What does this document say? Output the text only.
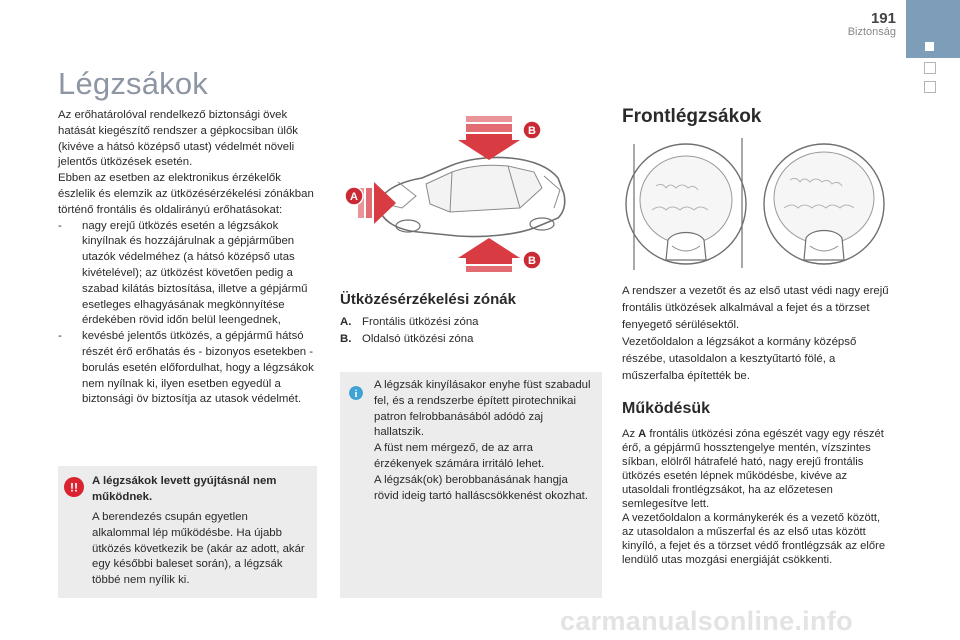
191
Biztonság
Légzsákok

Az erőhatárolóval rendelkező biztonsági övek hatását kiegészítő rendszer a gépkocsiban ülők (kivéve a hátsó középső utast) védelmét növeli jelentős ütközések esetén.

Ebben az esetben az elektronikus érzékelők észlelik és elemzik az ütközésérzékelési zónákban történő frontális és oldalirányú erőhatásokat:

-	nagy erejű ütközés esetén a légzsákok kinyílnak és hozzájárulnak a gépjárműben utazók védelméhez (a hátsó középső utas kivételével); az ütközést követően pedig a szabad kilátás biztosítása, illetve a gépjármű esetleges elhagyásának megkönnyítése érdekében rövid időn belül leengednek,
-	kevésbé jelentős ütközés, a gépjármű hátsó részét érő erőhatás és - bizonyos esetekben - borulás esetén előfordulhat, hogy a légzsákok nem nyílnak ki, ilyen esetben egyedül a biztonsági öv biztosítja az utasok védelmét.
!! A légzsákok levett gyújtásnál nem működnek.
A berendezés csupán egyetlen alkalommal lép működésbe. Ha újabb ütközés következik be (akár az adott, akár egy későbbi baleset során), a légzsák többé nem nyílik ki.
A
B
B
Ütközésérzékelési zónák
A. Frontális ütközési zóna
B. Oldalsó ütközési zóna
i
A légzsák kinyílásakor enyhe füst szabadul fel, és a rendszerbe épített pirotechnikai patron felrobbanásából adódó zaj hallatszik.
A füst nem mérgező, de az arra érzékenyek számára irritáló lehet.
A légzsák(ok) berobbanásának hangja rövid ideig tartó halláscsökkenést okozhat.
Frontlégzsákok

A rendszer a vezetőt és az első utast védi nagy erejű frontális ütközések alkalmával a fejet és a törzset fenyegető sérülésektől.

Vezetőoldalon a légzsákot a kormány középső részébe, utasoldalon a kesztyűtartó fölé, a műszerfalba építették be.

Működésük
Az A frontális ütközési zóna egészét vagy egy részét érő, a gépjármű hossztengelye mentén, vízszintes síkban, elölről hátrafelé ható, nagy erejű frontális ütközés esetén lépnek működésbe, kivéve az utasoldali frontlégzsákot, ha az előzetesen semlegesítve lett.
A vezetőoldalon a kormánykerék és a vezető között, az utasoldalon a műszerfal és az első utas között kinyíló, a fejet és a törzset védő frontlégzsák az előre lendülő utas mozgási energiáját csökkenti.
carmanualsonline.info
